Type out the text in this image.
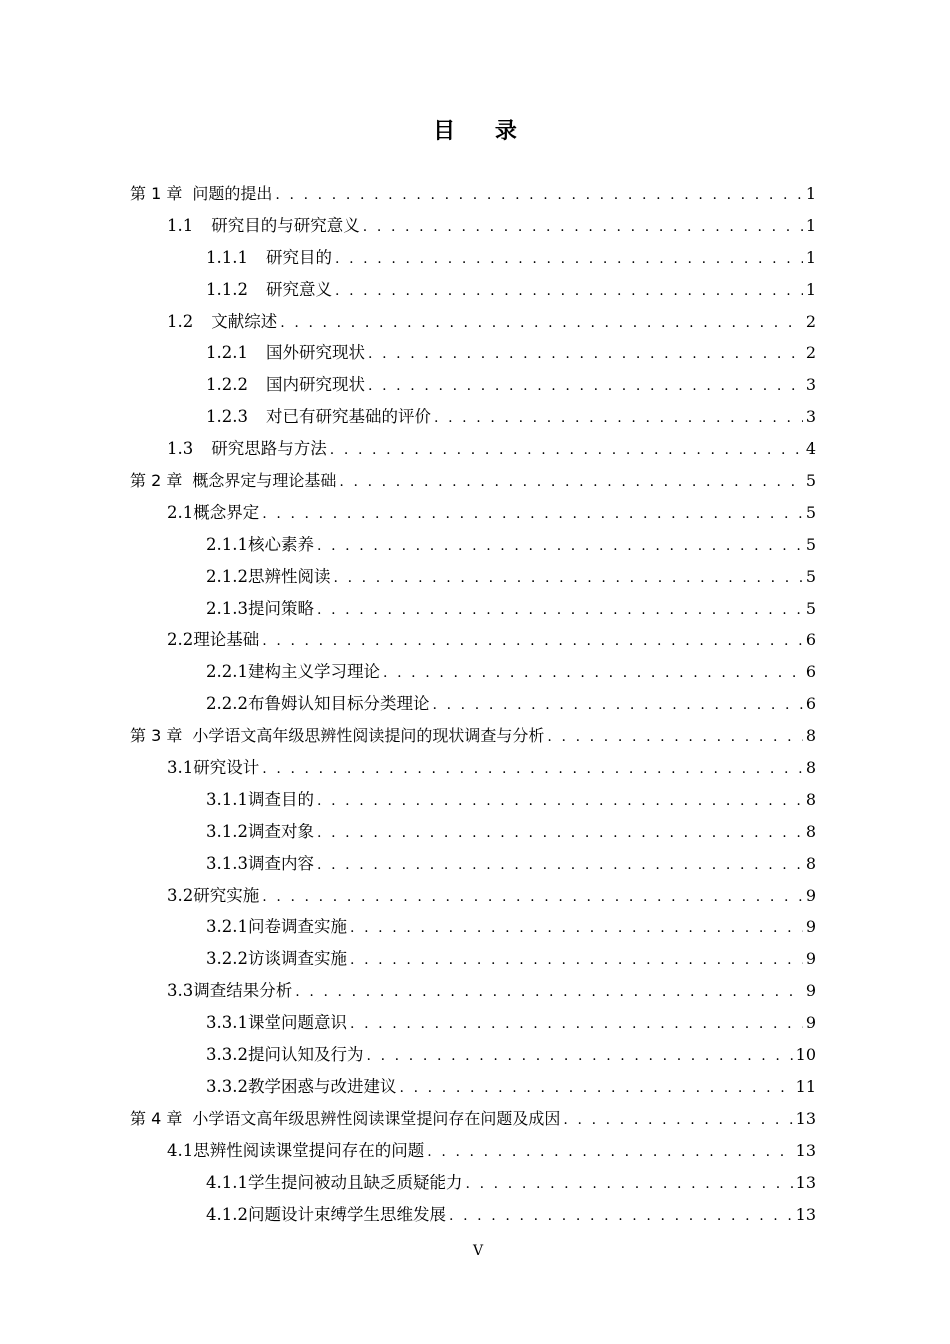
目 录
第 1 章 问题的提出 . . .	1
1.1 研究目的与研究意义 . . .	1
1.1.1 研究目的 . . .	1
1.1.2 研究意义 . . .	1
1.2 文献综述 . . .	2
1.2.1 国外研究现状 . . .	2
1.2.2 国内研究现状 . . .	3
1.2.3 对已有研究基础的评价 . . .	3
1.3 研究思路与方法 . . .	4
第 2 章 概念界定与理论基础 . . .	5
2.1 概念界定 . . .	5
2.1.1 核心素养 . . .	5
2.1.2 思辨性阅读 . . .	5
2.1.3 提问策略 . . .	5
2.2 理论基础 . . .	6
2.2.1 建构主义学习理论 . . .	6
2.2.2 布鲁姆认知目标分类理论 . . .	6
第 3 章 小学语文高年级思辨性阅读提问的现状调查与分析 . . .	8
3.1 研究设计 . . .	8
3.1.1 调查目的 . . .	8
3.1.2 调查对象 . . .	8
3.1.3 调查内容 . . .	8
3.2 研究实施 . . .	9
3.2.1 问卷调查实施 . . .	9
3.2.2 访谈调查实施 . . .	9
3.3 调查结果分析 . . .	9
3.3.1 课堂问题意识 . . .	9
3.3.2 提问认知及行为 . . .	10
3.3.2 教学困惑与改进建议 . . .	11
第 4 章 小学语文高年级思辨性阅读课堂提问存在问题及成因 . . .	13
4.1 思辨性阅读课堂提问存在的问题 . . .	13
4.1.1 学生提问被动且缺乏质疑能力 . . .	13
4.1.2 问题设计束缚学生思维发展 . . .	13
V
